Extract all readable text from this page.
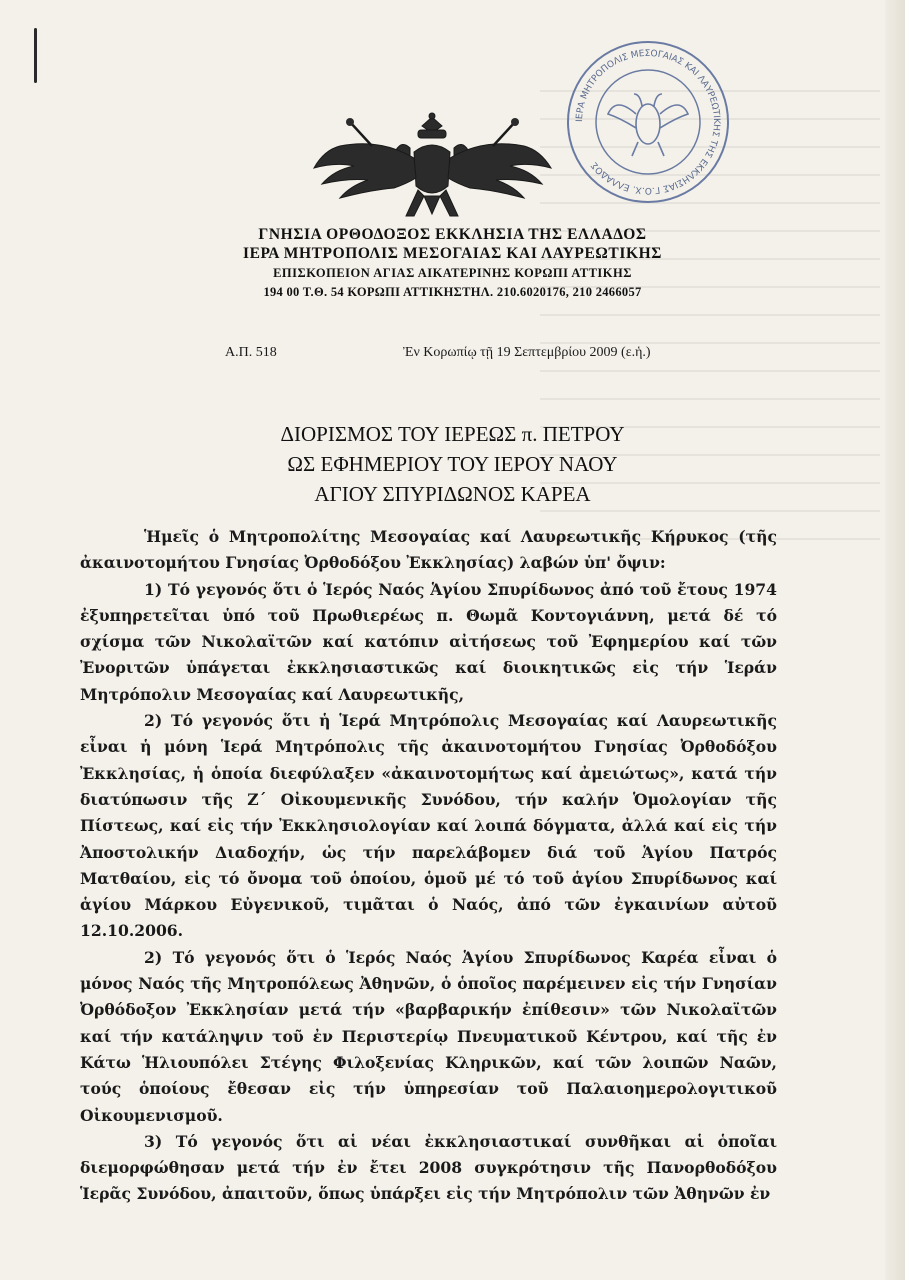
ΙΕΡΑ ΜΗΤΡΟΠΟΛΙΣ ΜΕΣΟΓΑΙΑΣ ΚΑΙ ΛΑΥΡΕΩΤΙΚΗΣ ΤΗΣ ΕΚΚΛΗΣΙΑΣ Γ.Ο.Χ. ΕΛΛΑΔΟΣ
ΓΝΗΣΙΑ ΟΡΘΟΔΟΞΟΣ ΕΚΚΛΗΣΙΑ ΤΗΣ ΕΛΛΑΔΟΣ
ΙΕΡΑ ΜΗΤΡΟΠΟΛΙΣ ΜΕΣΟΓΑΙΑΣ ΚΑΙ ΛΑΥΡΕΩΤΙΚΗΣ
ΕΠΙΣΚΟΠΕΙΟΝ ΑΓΙΑΣ ΑΙΚΑΤΕΡΙΝΗΣ ΚΟΡΩΠΙ ΑΤΤΙΚΗΣ
194 00 Τ.Θ. 54 ΚΟΡΩΠΙ ΑΤΤΙΚΗΣΤΗΛ. 210.6020176, 210 2466057
Α.Π. 518	Ἐν Κορωπίῳ τῇ 19 Σεπτεμβρίου 2009 (ε.ἡ.)
ΔΙΟΡΙΣΜΟΣ ΤΟΥ ΙΕΡΕΩΣ π. ΠΕΤΡΟΥ
ΩΣ ΕΦΗΜΕΡΙΟΥ ΤΟΥ ΙΕΡΟΥ ΝΑΟΥ
ΑΓΙΟΥ ΣΠΥΡΙΔΩΝΟΣ ΚΑΡΕΑ

Ἡμεῖς ὁ Μητροπολίτης Μεσογαίας καί Λαυρεωτικῆς Κήρυκος (τῆς ἀκαινοτομήτου Γνησίας Ὀρθοδόξου Ἐκκλησίας) λαβών ὑπ' ὄψιν:

1) Τό γεγονός ὅτι ὁ Ἱερός Ναός Ἁγίου Σπυρίδωνος ἀπό τοῦ ἔτους 1974 ἐξυπηρετεῖται ὑπό τοῦ Πρωθιερέως π. Θωμᾶ Κοντογιάννη, μετά δέ τό σχίσμα τῶν Νικολαϊτῶν καί κατόπιν αἰτήσεως τοῦ Ἐφημερίου καί τῶν Ἐνοριτῶν ὑπάγεται ἐκκλησιαστικῶς καί διοικητικῶς εἰς τήν Ἱεράν Μητρόπολιν Μεσογαίας καί Λαυρεωτικῆς,

2) Τό γεγονός ὅτι ἡ Ἱερά Μητρόπολις Μεσογαίας καί Λαυρεωτικῆς εἶναι ἡ μόνη Ἱερά Μητρόπολις τῆς ἀκαινοτομήτου Γνησίας Ὀρθοδόξου Ἐκκλησίας, ἡ ὁποία διεφύλαξεν «ἀκαινοτομήτως καί ἀμειώτως», κατά τήν διατύπωσιν τῆς Ζ΄ Οἰκουμενικῆς Συνόδου, τήν καλήν Ὁμολογίαν τῆς Πίστεως, καί εἰς τήν Ἐκκλησιολογίαν καί λοιπά δόγματα, ἀλλά καί εἰς τήν Ἀποστολικήν Διαδοχήν, ὡς τήν παρελάβομεν διά τοῦ Ἁγίου Πατρός Ματθαίου, εἰς τό ὄνομα τοῦ ὁποίου, ὁμοῦ μέ τό τοῦ ἁγίου Σπυρίδωνος καί ἁγίου Μάρκου Εὐγενικοῦ, τιμᾶται ὁ Ναός, ἀπό τῶν ἐγκαινίων αὐτοῦ 12.10.2006.

2) Τό γεγονός ὅτι ὁ Ἱερός Ναός Ἁγίου Σπυρίδωνος Καρέα εἶναι ὁ μόνος Ναός τῆς Μητροπόλεως Ἀθηνῶν, ὁ ὁποῖος παρέμεινεν εἰς τήν Γνησίαν Ὀρθόδοξον Ἐκκλησίαν μετά τήν «βαρβαρικήν ἐπίθεσιν» τῶν Νικολαϊτῶν καί τήν κατάληψιν τοῦ ἐν Περιστερίῳ Πνευματικοῦ Κέντρου, καί τῆς ἐν Κάτω Ἡλιουπόλει Στέγης Φιλοξενίας Κληρικῶν, καί τῶν λοιπῶν Ναῶν, τούς ὁποίους ἔθεσαν εἰς τήν ὑπηρεσίαν τοῦ Παλαιοημερολογιτικοῦ Οἰκουμενισμοῦ.

3) Τό γεγονός ὅτι αἱ νέαι ἐκκλησιαστικαί συνθῆκαι αἱ ὁποῖαι διεμορφώθησαν μετά τήν ἐν ἔτει 2008 συγκρότησιν τῆς Πανορθοδόξου Ἱερᾶς Συνόδου, ἀπαιτοῦν, ὅπως ὑπάρξει εἰς τήν Μητρόπολιν τῶν Ἀθηνῶν ἐν
